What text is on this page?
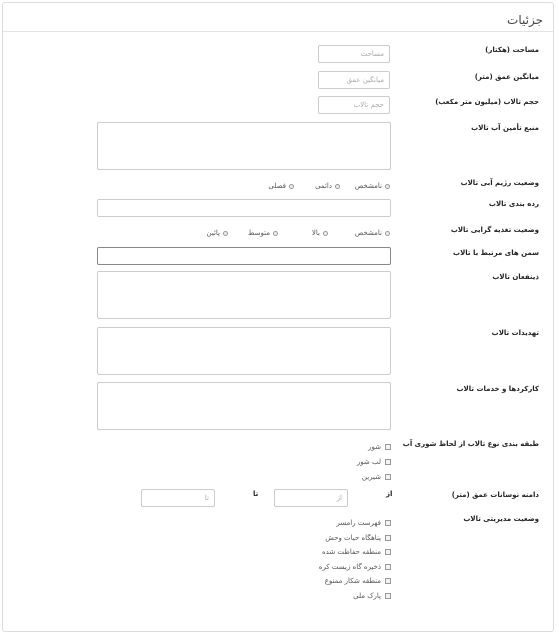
جزئیات
مساحت (هکتار)
مساحت
میانگین عمق (متر)
میانگین عمق
حجم تالاب (میلیون متر مکعب)
حجم تالاب
منبع تأمین آب تالاب
وضعیت رژیم آبی تالاب
نامشخص
دائمی
فصلی
رده بندی تالاب
وضعیت تغذیه گرایی تالاب
نامشخص
بالا
متوسط
پائین
سمن های مرتبط با تالاب
ذینفعان تالاب
تهدیدات تالاب
کارکردها و خدمات تالاب
طبقه بندی نوع تالاب از لحاظ شوری آب
شور
لب شور
شیرین
دامنه نوسانات عمق (متر)
از
از
تا
تا
وضعیت مدیریتی تالاب
فهرست رامسر
پناهگاه حیات وحش
منطقه حفاظت شده
ذخیره گاه زیست کره
منطقه شکار ممنوع
پارک ملی
